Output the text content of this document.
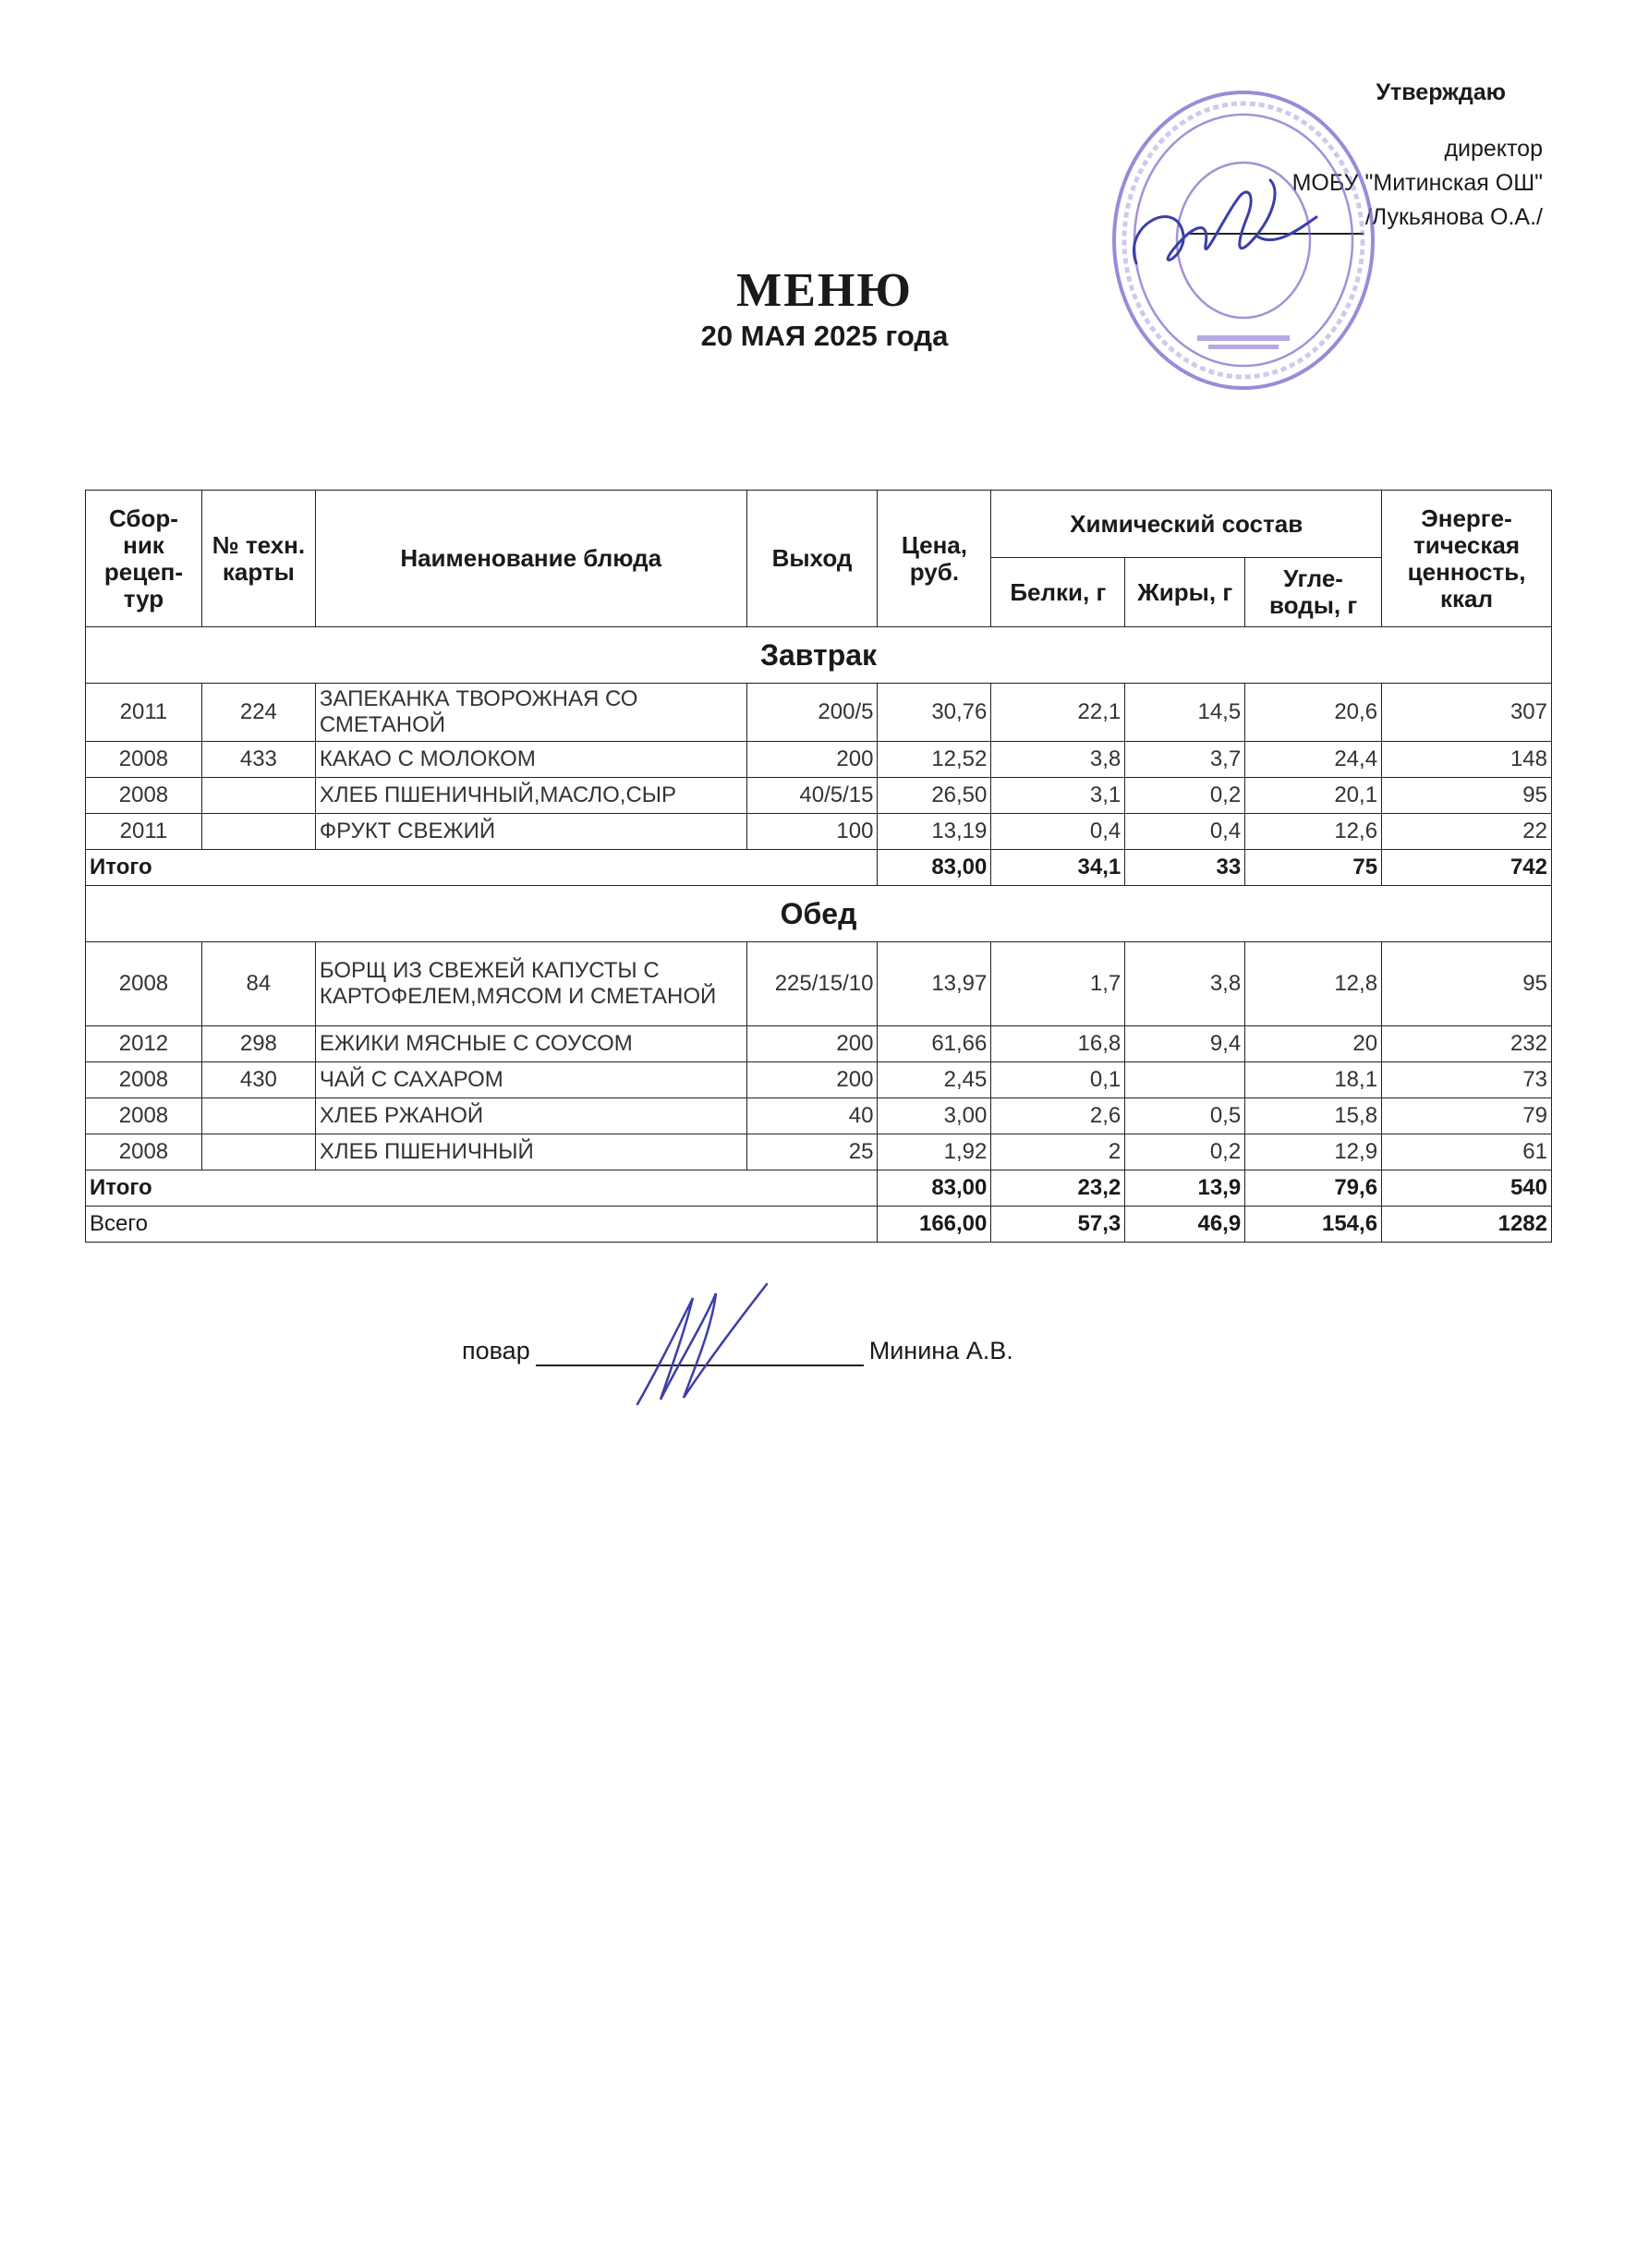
Утверждаю
директор
МОБУ "Митинская ОШ"
/Лукьянова О.А./
МЕНЮ
20 МАЯ 2025 года
Сбор-ник рецеп-тур	№ техн. карты	Наименование блюда	Выход	Цена, руб.	Химический состав			Энерге-тическая ценность, ккал
					Белки, г	Жиры, г	Угле-воды, г	
Завтрак								
2011	224	ЗАПЕКАНКА ТВОРОЖНАЯ СО СМЕТАНОЙ	200/5	30,76	22,1	14,5	20,6	307
2008	433	КАКАО С МОЛОКОМ	200	12,52	3,8	3,7	24,4	148
2008		ХЛЕБ ПШЕНИЧНЫЙ,МАСЛО,СЫР	40/5/15	26,50	3,1	0,2	20,1	95
2011		ФРУКТ СВЕЖИЙ	100	13,19	0,4	0,4	12,6	22
Итого				83,00	34,1	33	75	742
Обед								
2008	84	БОРЩ ИЗ СВЕЖЕЙ КАПУСТЫ С КАРТОФЕЛЕМ,МЯСОМ И СМЕТАНОЙ	225/15/10	13,97	1,7	3,8	12,8	95
2012	298	ЕЖИКИ МЯСНЫЕ С СОУСОМ	200	61,66	16,8	9,4	20	232
2008	430	ЧАЙ С САХАРОМ	200	2,45	0,1		18,1	73
2008		ХЛЕБ РЖАНОЙ	40	3,00	2,6	0,5	15,8	79
2008		ХЛЕБ ПШЕНИЧНЫЙ	25	1,92	2	0,2	12,9	61
Итого				83,00	23,2	13,9	79,6	540
Всего				166,00	57,3	46,9	154,6	1282
повар	Минина А.В.
